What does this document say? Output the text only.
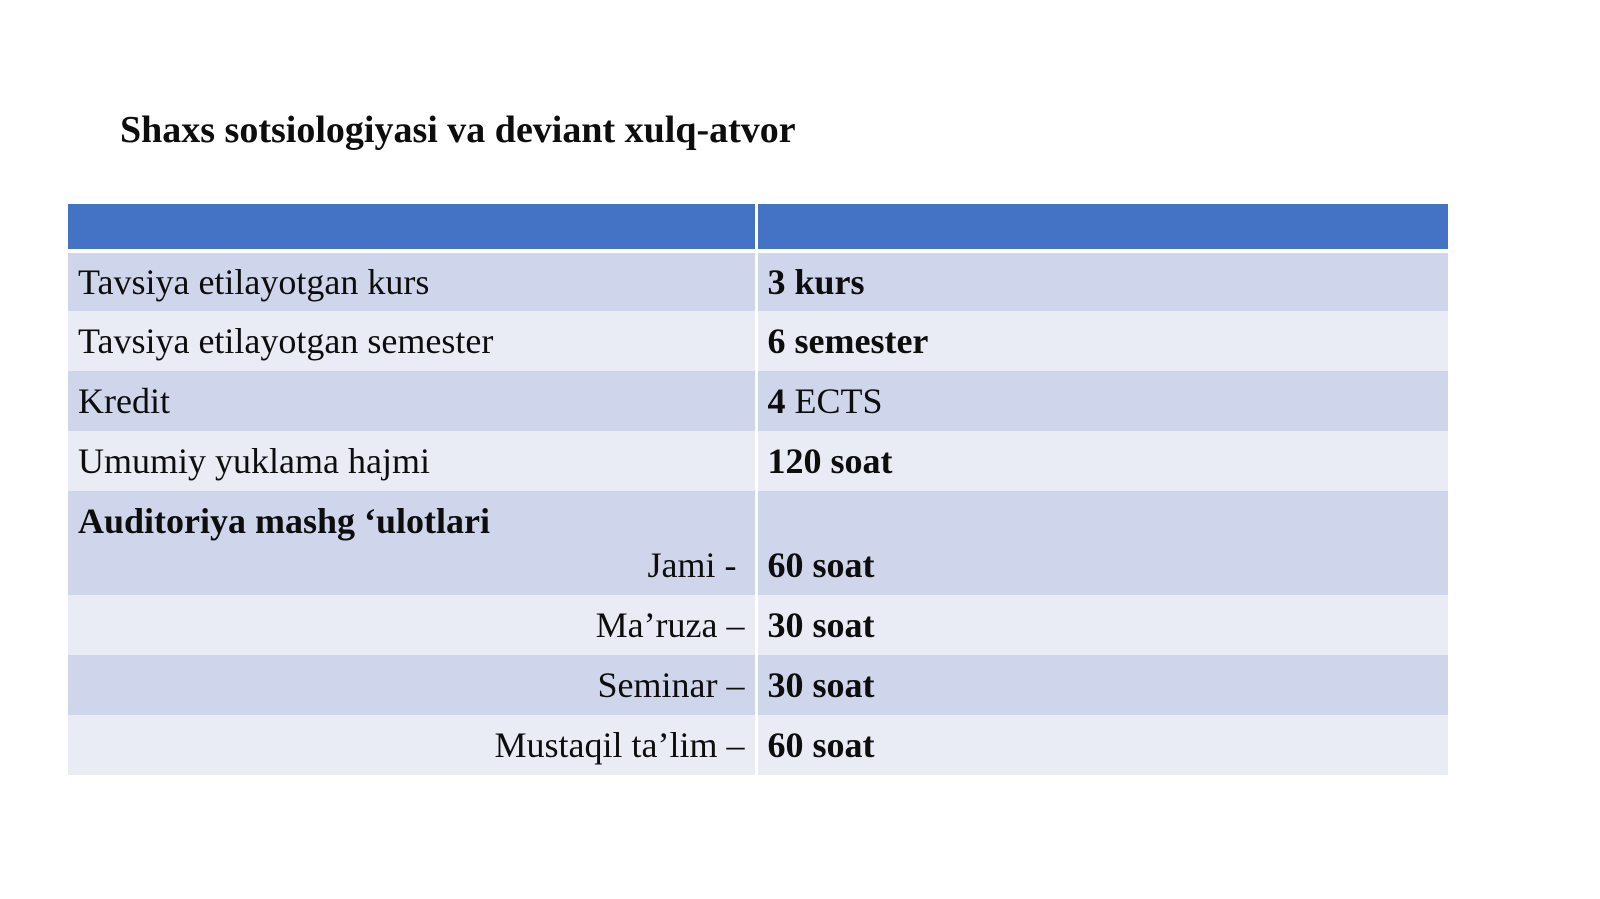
Shaxs sotsiologiyasi va deviant xulq-atvor

Tavsiya etilayotgan kurs	3 kurs
Tavsiya etilayotgan semester	6 semester
Kredit	4 ECTS
Umumiy yuklama hajmi	120 soat

Auditoriya mashg ‘ulotlari
Jami -	60 soat

Ma’ruza –	30 soat
Seminar –	30 soat
Mustaqil ta’lim –	60 soat
